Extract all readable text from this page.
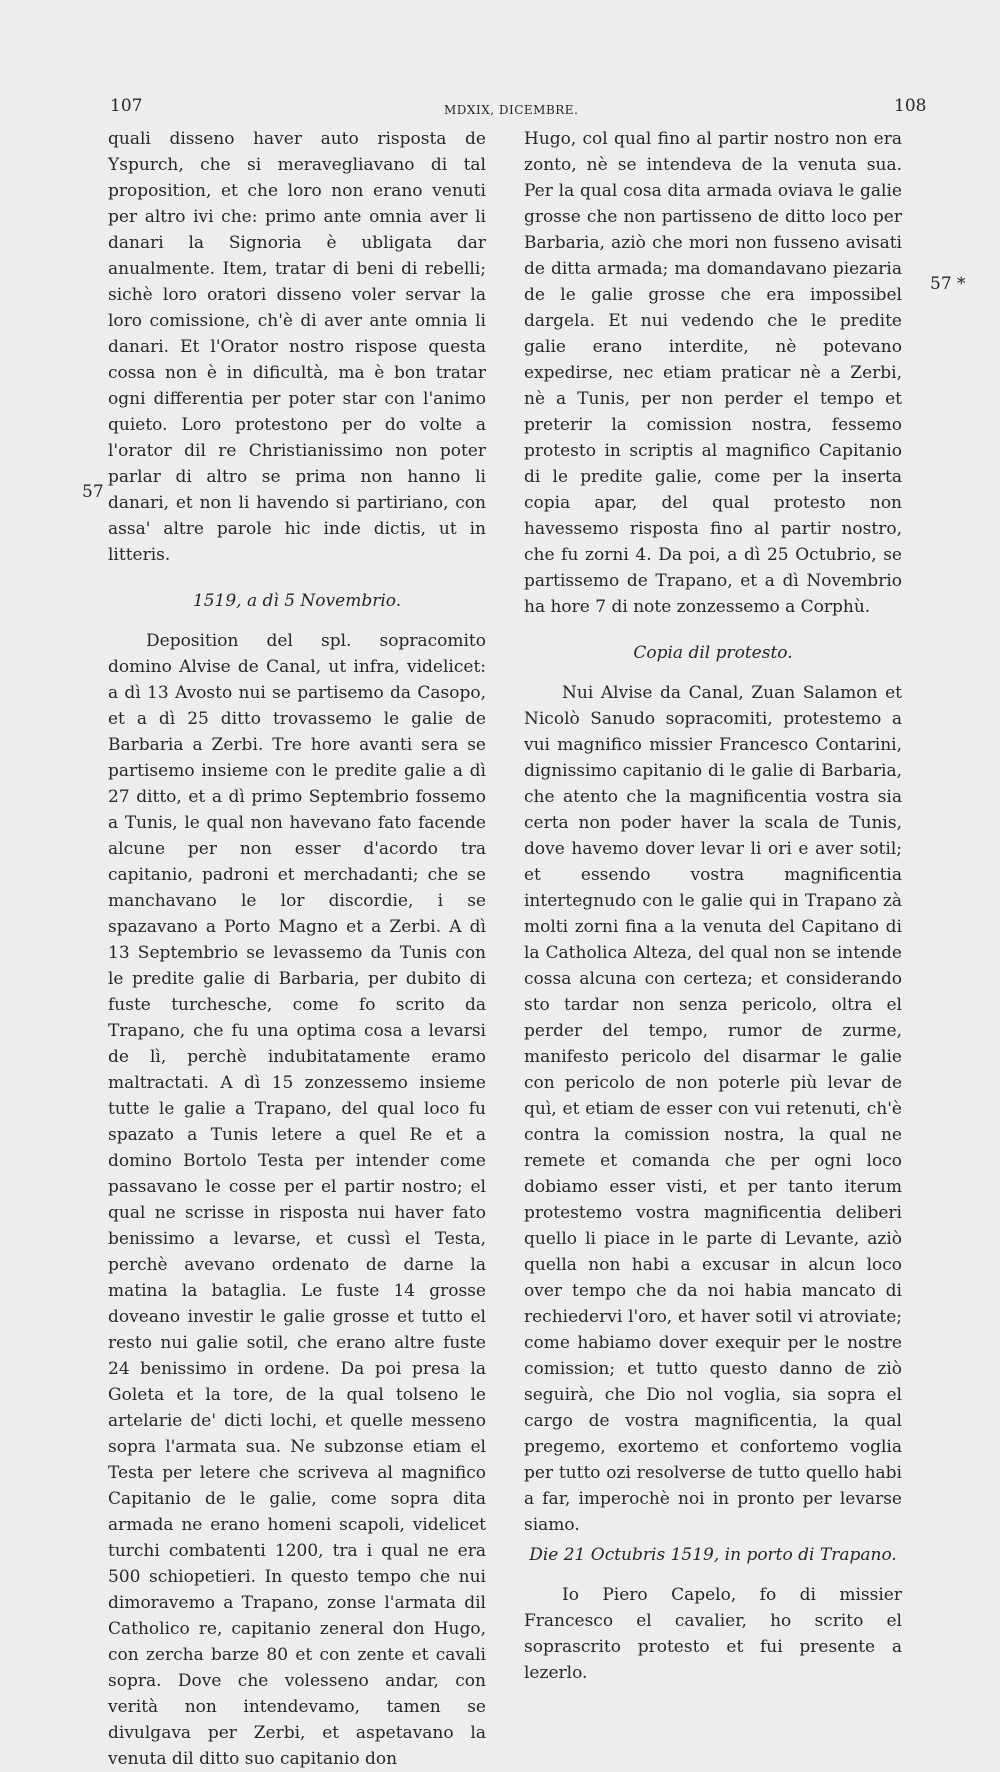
107	MDXIX, DICEMBRE.	108
57
57 *

quali disseno haver auto risposta de Yspurch, che si meravegliavano di tal proposition, et che loro non erano venuti per altro ivi che: primo ante omnia aver li danari la Signoria è ubligata dar anualmente. Item, tratar di beni di rebelli; sichè loro oratori disseno voler servar la loro comissione, ch'è di aver ante omnia li danari. Et l'Orator nostro rispose questa cossa non è in dificultà, ma è bon tratar ogni differentia per poter star con l'animo quieto. Loro protestono per do volte a l'orator dil re Christianissimo non poter parlar di altro se prima non hanno li danari, et non li havendo si partiriano, con assa' altre parole hic inde dictis, ut in litteris.

1519, a dì 5 Novembrio.

Deposition del spl. sopracomito domino Alvise de Canal, ut infra, videlicet: a dì 13 Avosto nui se partisemo da Casopo, et a dì 25 ditto trovassemo le galie de Barbaria a Zerbi. Tre hore avanti sera se partisemo insieme con le predite galie a dì 27 ditto, et a dì primo Septembrio fossemo a Tunis, le qual non havevano fato facende alcune per non esser d'acordo tra capitanio, padroni et merchadanti; che se manchavano le lor discordie, i se spazavano a Porto Magno et a Zerbi. A dì 13 Septembrio se levassemo da Tunis con le predite galie di Barbaria, per dubito di fuste turchesche, come fo scrito da Trapano, che fu una optima cosa a levarsi de lì, perchè indubitatamente eramo maltractati. A dì 15 zonzessemo insieme tutte le galie a Trapano, del qual loco fu spazato a Tunis letere a quel Re et a domino Bortolo Testa per intender come passavano le cosse per el partir nostro; el qual ne scrisse in risposta nui haver fato benissimo a levarse, et cussì el Testa, perchè avevano ordenato de darne la matina la bataglia. Le fuste 14 grosse doveano investir le galie grosse et tutto el resto nui galie sotil, che erano altre fuste 24 benissimo in ordene. Da poi presa la Goleta et la tore, de la qual tolseno le artelarie de' dicti lochi, et quelle messeno sopra l'armata sua. Ne subzonse etiam el Testa per letere che scriveva al magnifico Capitanio de le galie, come sopra dita armada ne erano homeni scapoli, videlicet turchi combatenti 1200, tra i qual ne era 500 schiopetieri. In questo tempo che nui dimoravemo a Trapano, zonse l'armata dil Catholico re, capitanio zeneral don Hugo, con zercha barze 80 et con zente et cavali sopra. Dove che volesseno andar, con verità non intendevamo, tamen se divulgava per Zerbi, et aspetavano la venuta dil ditto suo capitanio don

Hugo, col qual fino al partir nostro non era zonto, nè se intendeva de la venuta sua. Per la qual cosa dita armada oviava le galie grosse che non partisseno de ditto loco per Barbaria, aziò che mori non fusseno avisati de ditta armada; ma domandavano piezaria de le galie grosse che era impossibel dargela. Et nui vedendo che le predite galie erano interdite, nè potevano expedirse, nec etiam praticar nè a Zerbi, nè a Tunis, per non perder el tempo et preterir la comission nostra, fessemo protesto in scriptis al magnifico Capitanio di le predite galie, come per la inserta copia apar, del qual protesto non havessemo risposta fino al partir nostro, che fu zorni 4. Da poi, a dì 25 Octubrio, se partissemo de Trapano, et a dì Novembrio ha hore 7 di note zonzessemo a Corphù.

Copia dil protesto.

Nui Alvise da Canal, Zuan Salamon et Nicolò Sanudo sopracomiti, protestemo a vui magnifico missier Francesco Contarini, dignissimo capitanio di le galie di Barbaria, che atento che la magnificentia vostra sia certa non poder haver la scala de Tunis, dove havemo dover levar li ori e aver sotil; et essendo vostra magnificentia intertegnudo con le galie qui in Trapano zà molti zorni fina a la venuta del Capitano di la Catholica Alteza, del qual non se intende cossa alcuna con certeza; et considerando sto tardar non senza pericolo, oltra el perder del tempo, rumor de zurme, manifesto pericolo del disarmar le galie con pericolo de non poterle più levar de quì, et etiam de esser con vui retenuti, ch'è contra la comission nostra, la qual ne remete et comanda che per ogni loco dobiamo esser visti, et per tanto iterum protestemo vostra magnificentia deliberi quello li piace in le parte di Levante, aziò quella non habi a excusar in alcun loco over tempo che da noi habia mancato di rechiedervi l'oro, et haver sotil vi atroviate; come habiamo dover exequir per le nostre comission; et tutto questo danno de ziò seguirà, che Dio nol voglia, sia sopra el cargo de vostra magnificentia, la qual pregemo, exortemo et confortemo voglia per tutto ozi resolverse de tutto quello habi a far, imperochè noi in pronto per levarse siamo.

Die 21 Octubris 1519, in porto di Trapano.

Io Piero Capelo, fo di missier Francesco el cavalier, ho scrito el soprascrito protesto et fui presente a lezerlo.
